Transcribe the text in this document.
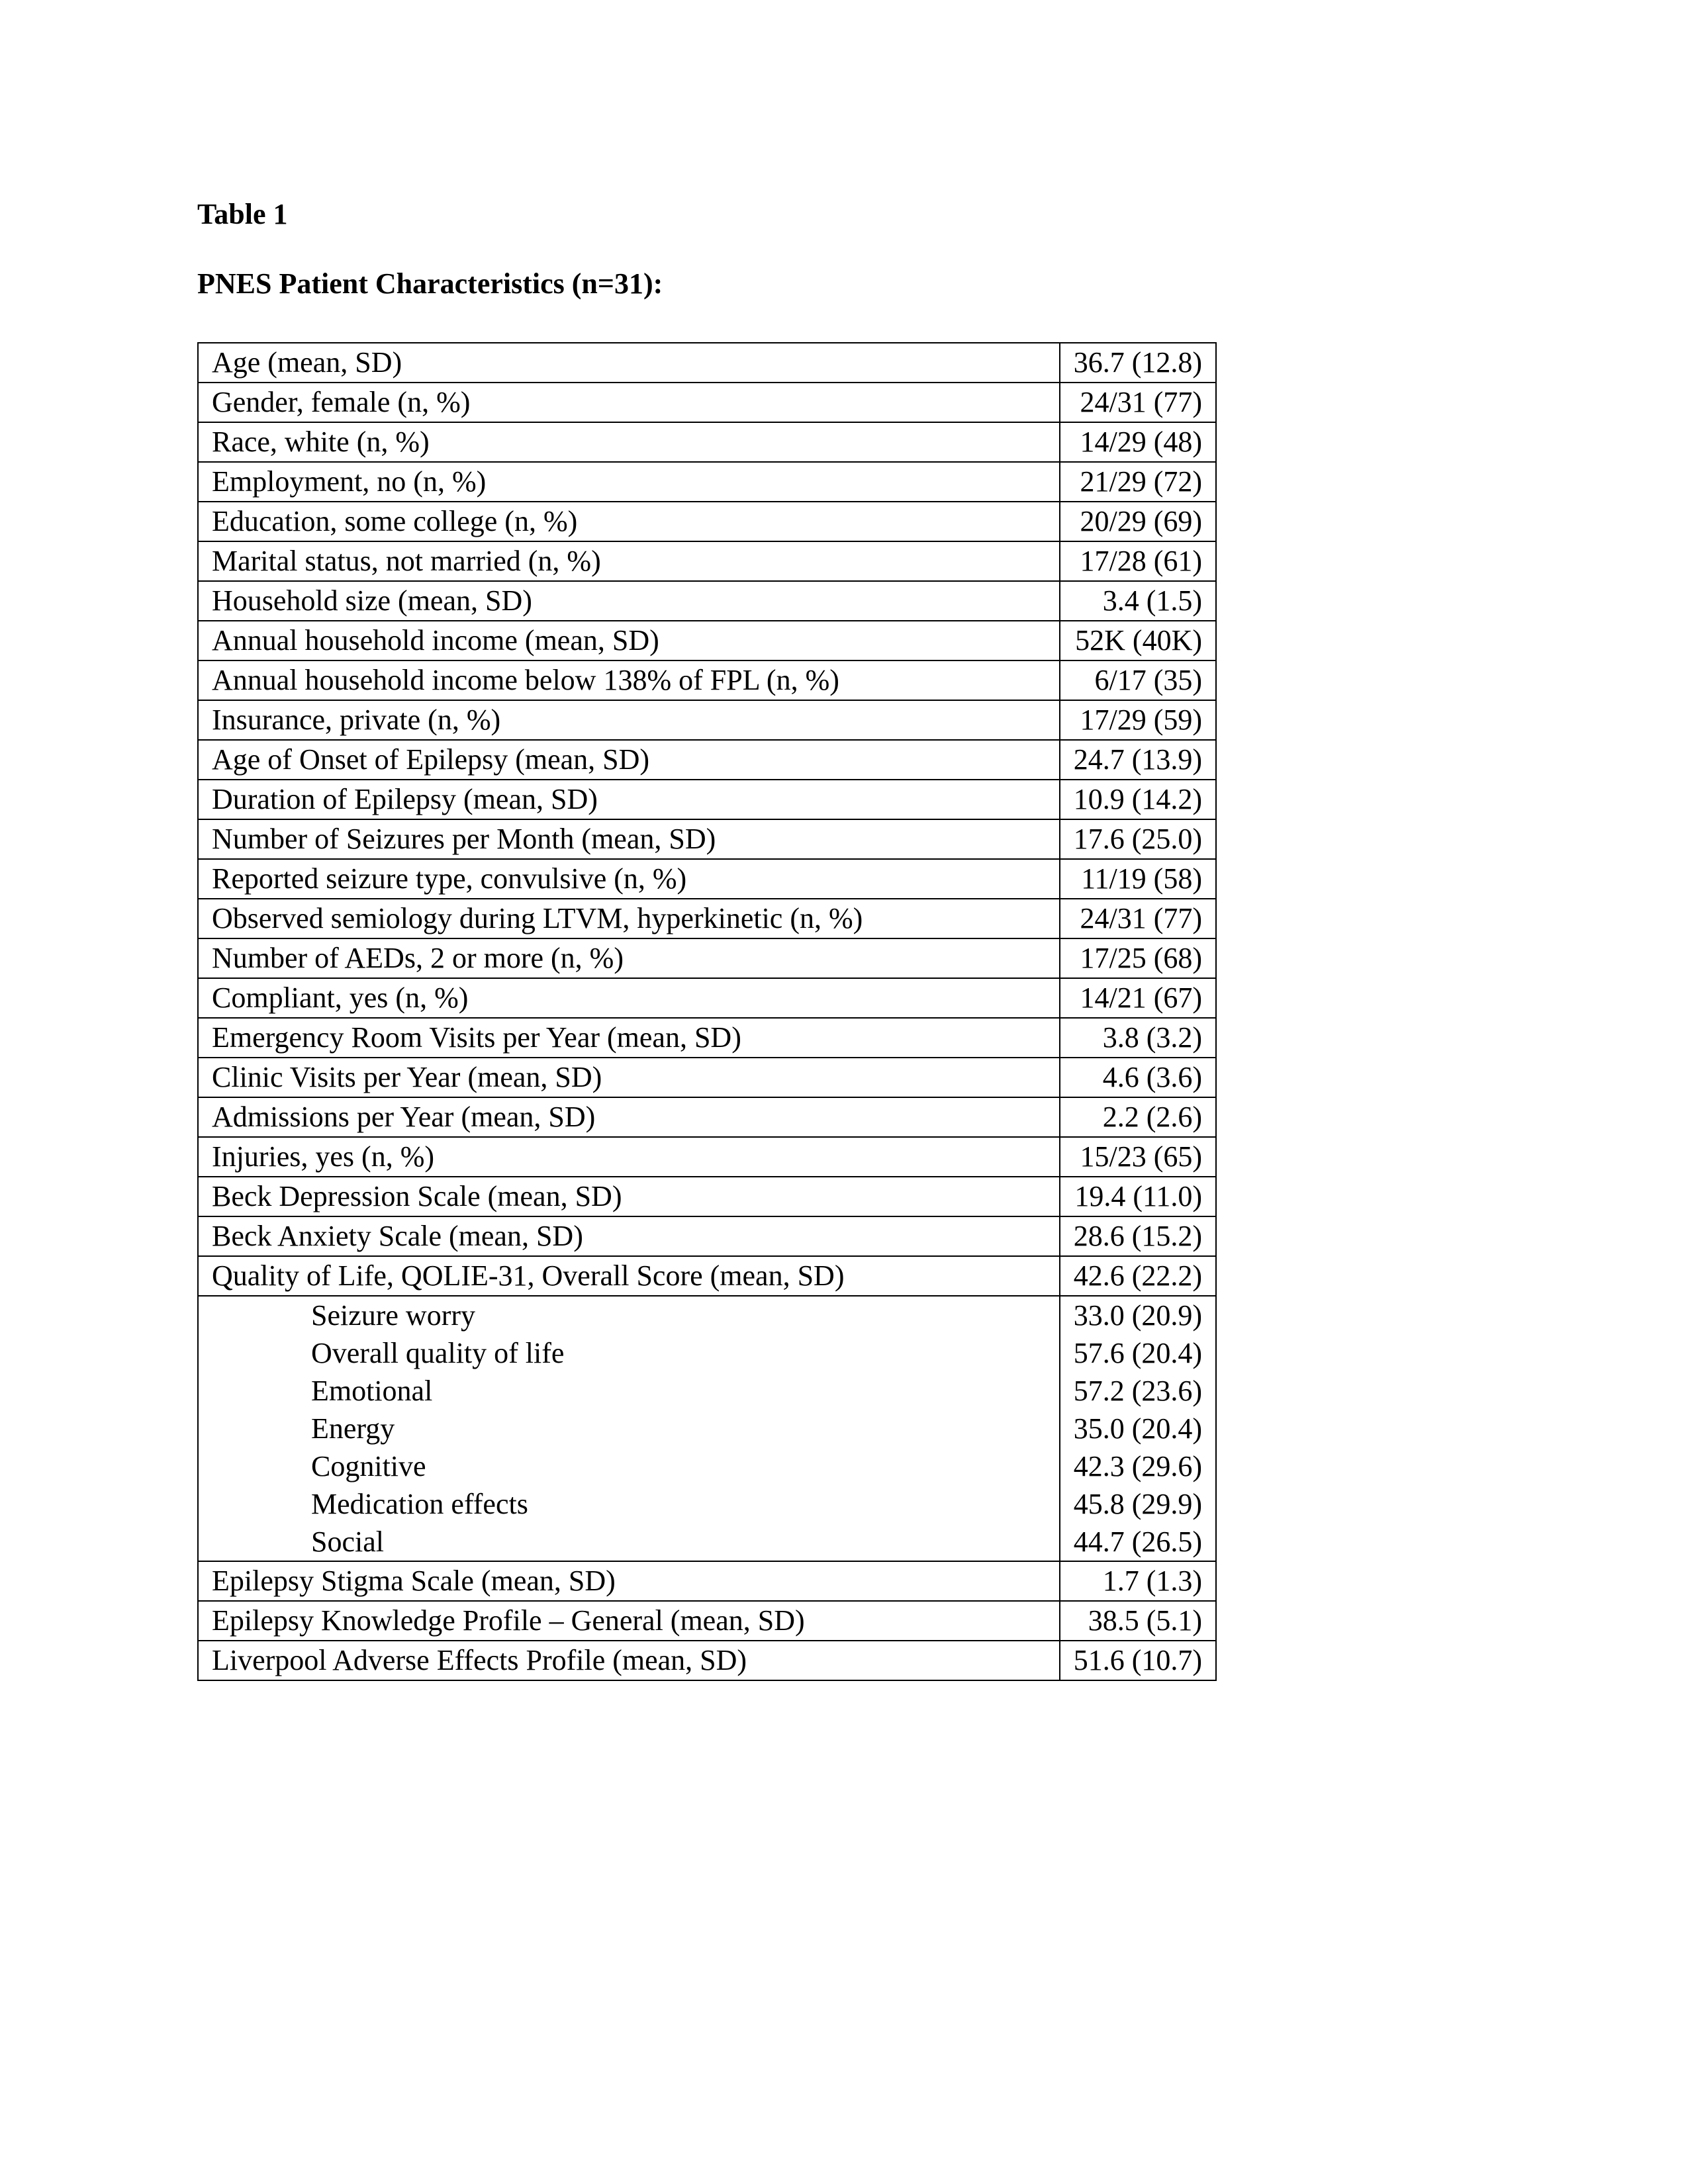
Table 1
PNES Patient Characteristics (n=31):
Age (mean, SD)	36.7 (12.8)
Gender, female (n, %)	24/31 (77)
Race, white (n, %)	14/29 (48)
Employment, no (n, %)	21/29 (72)
Education, some college (n, %)	20/29 (69)
Marital status, not married (n, %)	17/28 (61)
Household size (mean, SD)	3.4 (1.5)
Annual household income (mean, SD)	52K (40K)
Annual household income below 138% of FPL (n, %)	6/17 (35)
Insurance, private (n, %)	17/29 (59)
Age of Onset of Epilepsy (mean, SD)	24.7 (13.9)
Duration of Epilepsy (mean, SD)	10.9 (14.2)
Number of Seizures per Month (mean, SD)	17.6 (25.0)
Reported seizure type, convulsive (n, %)	11/19 (58)
Observed semiology during LTVM, hyperkinetic (n, %)	24/31 (77)
Number of AEDs, 2 or more (n, %)	17/25 (68)
Compliant, yes (n, %)	14/21 (67)
Emergency Room Visits per Year (mean, SD)	3.8 (3.2)
Clinic Visits per Year (mean, SD)	4.6 (3.6)
Admissions per Year (mean, SD)	2.2 (2.6)
Injuries, yes (n, %)	15/23 (65)
Beck Depression Scale (mean, SD)	19.4 (11.0)
Beck Anxiety Scale (mean, SD)	28.6 (15.2)
Quality of Life, QOLIE-31, Overall Score (mean, SD)	42.6 (22.2)
Seizure worry	33.0 (20.9)
Overall quality of life	57.6 (20.4)
Emotional	57.2 (23.6)
Energy	35.0 (20.4)
Cognitive	42.3 (29.6)
Medication effects	45.8 (29.9)
Social	44.7 (26.5)
Epilepsy Stigma Scale (mean, SD)	1.7 (1.3)
Epilepsy Knowledge Profile – General (mean, SD)	38.5 (5.1)
Liverpool Adverse Effects Profile (mean, SD)	51.6 (10.7)
